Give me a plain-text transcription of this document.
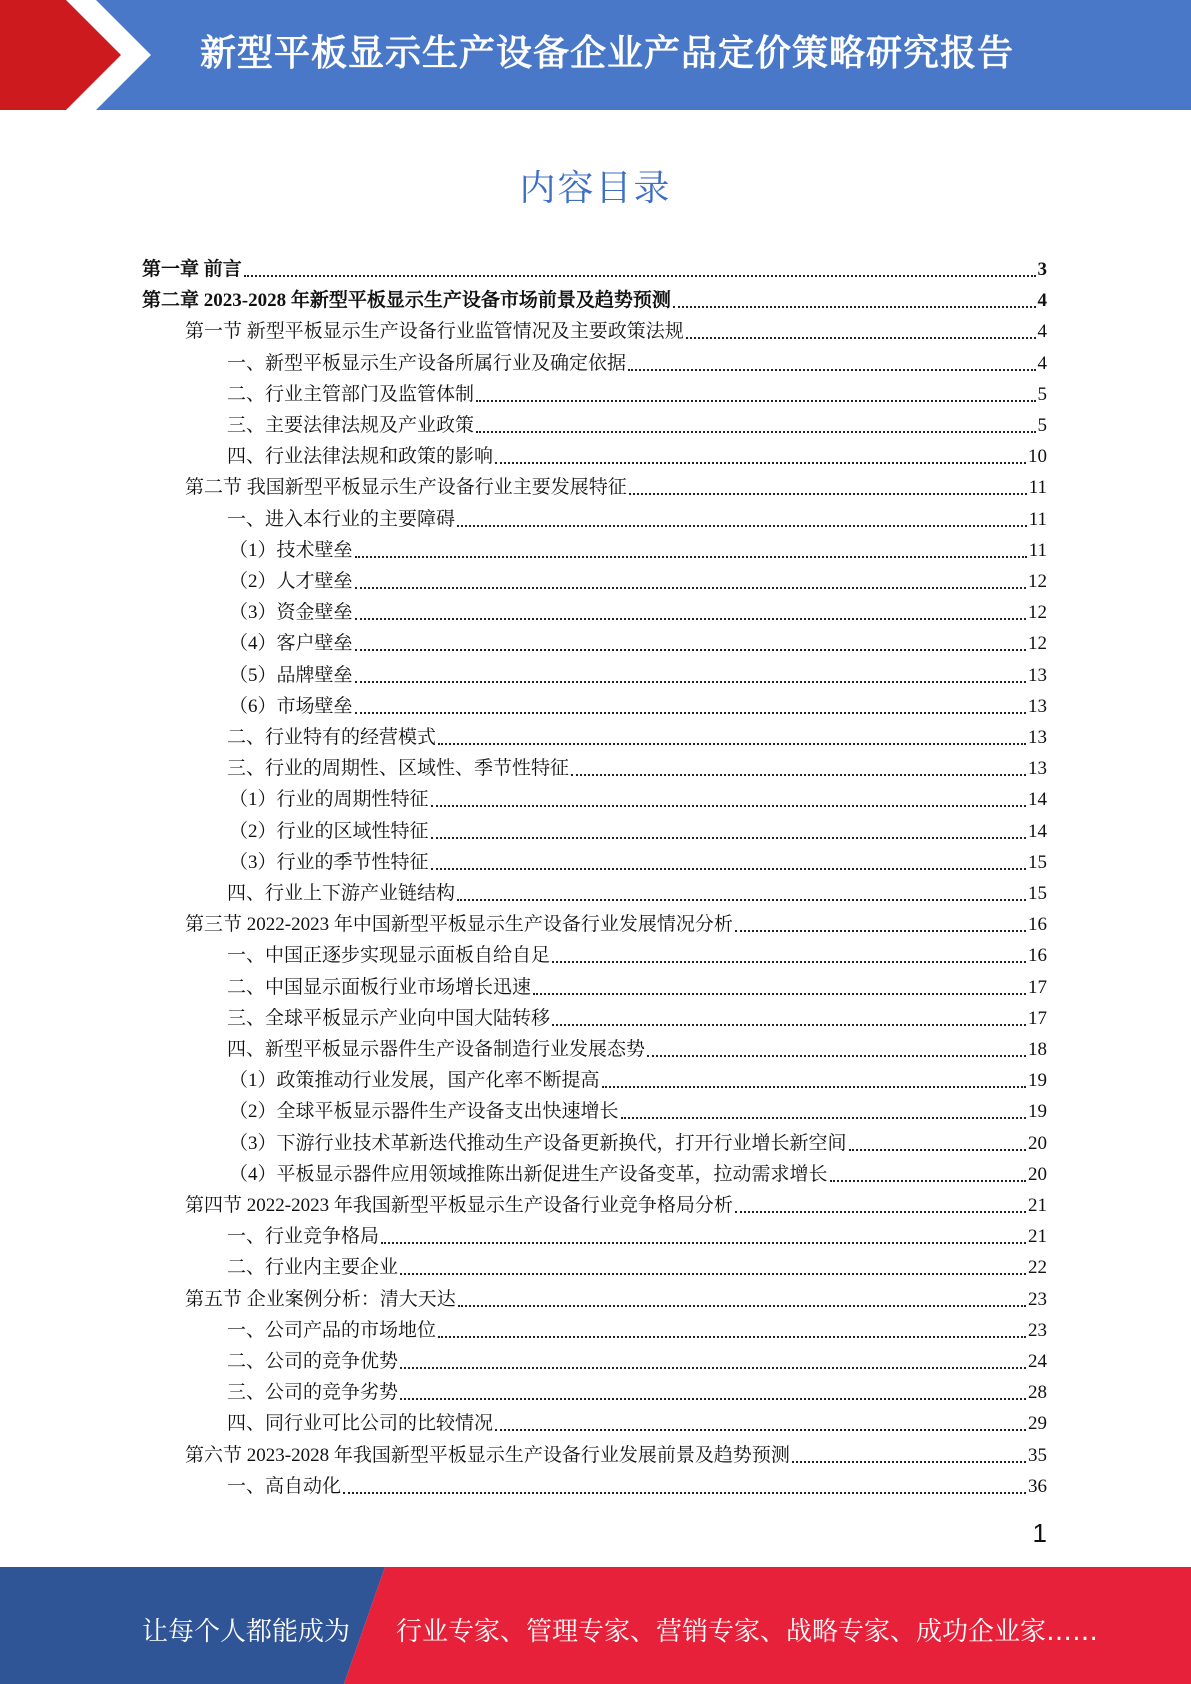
新型平板显示生产设备企业产品定价策略研究报告
内容目录
第一章 前言	3
第二章 2023-2028 年新型平板显示生产设备市场前景及趋势预测	4
第一节 新型平板显示生产设备行业监管情况及主要政策法规	4
一、新型平板显示生产设备所属行业及确定依据	4
二、行业主管部门及监管体制	5
三、主要法律法规及产业政策	5
四、行业法律法规和政策的影响	10
第二节 我国新型平板显示生产设备行业主要发展特征	11
一、进入本行业的主要障碍	11
（1）技术壁垒	11
（2）人才壁垒	12
（3）资金壁垒	12
（4）客户壁垒	12
（5）品牌壁垒	13
（6）市场壁垒	13
二、行业特有的经营模式	13
三、行业的周期性、区域性、季节性特征	13
（1）行业的周期性特征	14
（2）行业的区域性特征	14
（3）行业的季节性特征	15
四、行业上下游产业链结构	15
第三节 2022-2023 年中国新型平板显示生产设备行业发展情况分析	16
一、中国正逐步实现显示面板自给自足	16
二、中国显示面板行业市场增长迅速	17
三、全球平板显示产业向中国大陆转移	17
四、新型平板显示器件生产设备制造行业发展态势	18
（1）政策推动行业发展，国产化率不断提高	19
（2）全球平板显示器件生产设备支出快速增长	19
（3）下游行业技术革新迭代推动生产设备更新换代，打开行业增长新空间	20
（4）平板显示器件应用领域推陈出新促进生产设备变革，拉动需求增长	20
第四节 2022-2023 年我国新型平板显示生产设备行业竞争格局分析	21
一、行业竞争格局	21
二、行业内主要企业	22
第五节 企业案例分析：清大天达	23
一、公司产品的市场地位	23
二、公司的竞争优势	24
三、公司的竞争劣势	28
四、同行业可比公司的比较情况	29
第六节 2023-2028 年我国新型平板显示生产设备行业发展前景及趋势预测	35
一、高自动化	36
1
让每个人都能成为 行业专家、管理专家、营销专家、战略专家、成功企业家……
